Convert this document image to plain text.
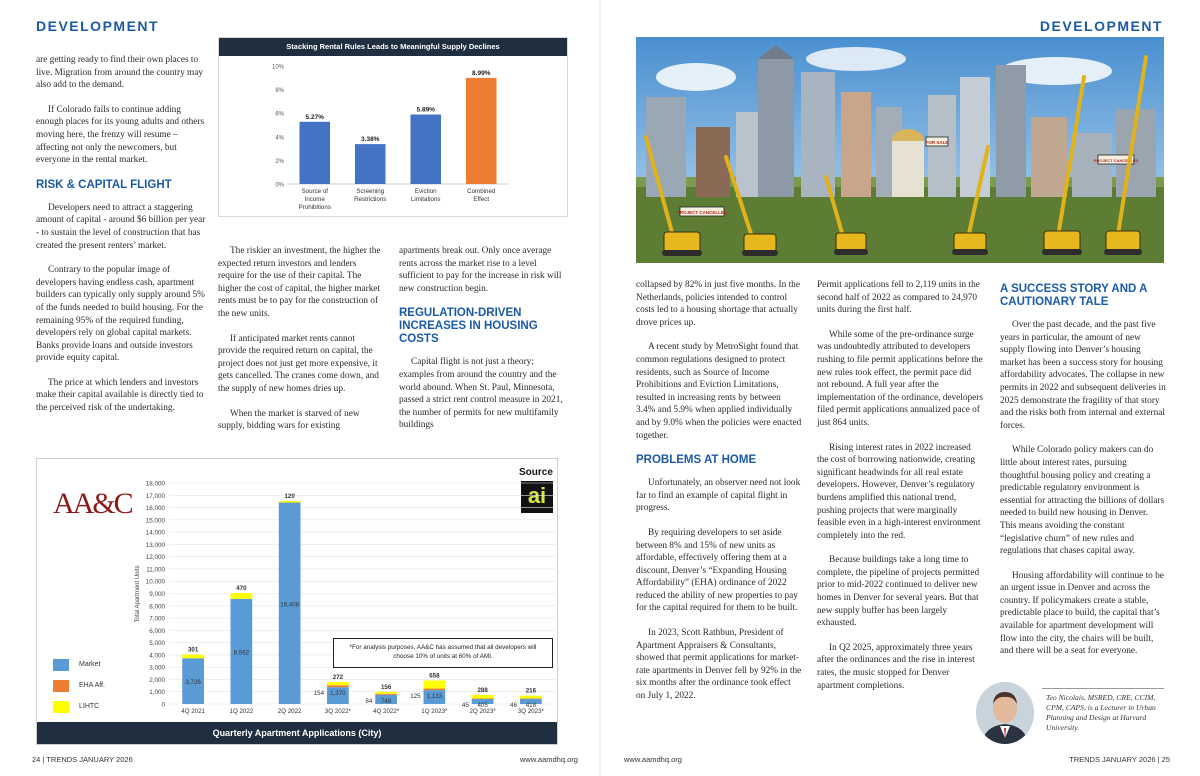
DEVELOPMENT	DEVELOPMENT

are getting ready to find their own places to live. Migration from around the country may also add to the demand.

If Colorado fails to continue adding enough places for its young adults and others moving here, the frenzy will resume – affecting not only the newcomers, but everyone in the rental market.

RISK & CAPITAL FLIGHT

Developers need to attract a staggering amount of capital - around $6 billion per year - to sustain the level of construction that has created the present renters’ market.

Contrary to the popular image of developers having endless cash, apartment builders can typically only supply around 5% of the funds needed to build housing. For the remaining 95% of the required funding, developers rely on global capital markets. Banks provide loans and outside investors provide equity capital.

The price at which lenders and investors make their capital available is directly tied to the perceived risk of the undertaking.

Stacking Rental Rules Leads to Meaningful Supply Declines
0%
2%
4%
6%
8%
10%
5.27%
Source of
Income
Prohibitions
3.38%
Screening
Restrictions
5.89%
Eviction
Limitations
8.99%
Combined
Effect

The riskier an investment, the higher the expected return investors and lenders require for the use of their capital. The higher the cost of capital, the higher market rents must be to pay for the construction of the new units.

If anticipated market rents cannot provide the required return on capital, the project does not just get more expensive, it gets cancelled. The cranes come down, and the supply of new homes dries up.

When the market is starved of new supply, bidding wars for existing

apartments break out. Only once average rents across the market rise to a level sufficient to pay for the increase in risk will new construction begin.

REGULATION-DRIVEN INCREASES IN HOUSING COSTS

Capital flight is not just a theory; examples from around the country and the world abound. When St. Paul, Minnesota, passed a strict rent control measure in 2021, the number of permits for new multifamily buildings

AA&C
Source
ai
0
1,000
2,000
3,000
4,000
5,000
6,000
7,000
8,000
9,000
10,000
11,000
12,000
13,000
14,000
15,000
16,000
17,000
18,000
Total Apartment Units
3,726
301
4Q 2021
8,562
470
1Q 2022
16,408
120
2Q 2022
1,370
154
272
3Q 2022*
749
84
156
4Q 2022*
1,133
125
658
1Q 2023*
405
45
288
2Q 2023*
418
46
216
3Q 2023*
*For analysis purposes, AA&C has assumed that all developers will choose 10% of units at 60% of AMI.
Market
EHA Aff.
LIHTC
Quarterly Apartment Applications (City)
PROJECT CANCELLED
FOR SALE
PROJECT CANCELLED

collapsed by 82% in just five months. In the Netherlands, policies intended to control costs led to a housing shortage that actually drove prices up.

A recent study by MetroSight found that common regulations designed to protect residents, such as Source of Income Prohibitions and Eviction Limitations, resulted in increasing rents by between 3.4% and 5.9% when applied individually and by 9.0% when the policies were enacted together.

PROBLEMS AT HOME

Unfortunately, an observer need not look far to find an example of capital flight in progress.

By requiring developers to set aside between 8% and 15% of new units as affordable, effectively offering them at a discount, Denver’s “Expanding Housing Affordability” (EHA) ordinance of 2022 reduced the ability of new properties to pay for the capital required for them to be built.

In 2023, Scott Rathbun, President of Apartment Appraisers & Consultants, showed that permit applications for market-rate apartments in Denver fell by 92% in the six months after the ordinance took effect on July 1, 2022.

Permit applications fell to 2,119 units in the second half of 2022 as compared to 24,970 units during the first half.

While some of the pre-ordinance surge was undoubtedly attributed to developers rushing to file permit applications before the new rules took effect, the permit pace did not rebound. A full year after the implementation of the ordinance, developers filed permit applications annualized pace of just 864 units.

Rising interest rates in 2022 increased the cost of borrowing nationwide, creating significant headwinds for all real estate developers. However, Denver’s regulatory burdens amplified this national trend, pushing projects that were marginally feasible even in a high-interest environment completely into the red.

Because buildings take a long time to complete, the pipeline of projects permitted prior to mid-2022 continued to deliver new homes in Denver for several years. But that new supply buffer has been largely exhausted.

In Q2 2025, approximately three years after the ordinances and the rise in interest rates, the music stopped for Denver apartment completions.

A SUCCESS STORY AND A CAUTIONARY TALE

Over the past decade, and the past five years in particular, the amount of new supply flowing into Denver’s housing market has been a success story for housing affordability advocates. The collapse in new permits in 2022 and subsequent deliveries in 2025 demonstrate the fragility of that story and the risks both from internal and external forces.

While Colorado policy makers can do little about interest rates, pursuing thoughtful housing policy and creating a predictable regulatory environment is essential for attracting the billions of dollars needed to build new housing in Denver. This means avoiding the constant “legislative churn” of new rules and regulations that chases capital away.

Housing affordability will continue to be an urgent issue in Denver and across the country. If policymakers create a stable, predictable place to build, the capital that’s available for apartment development will flow into the city, the chairs will be built, and there will be a seat for everyone.

Teo Nicolais, MSRED, CRE, CCIM, CPM, CAPS, is a Lecturer in Urban Planning and Design at Harvard University.
24 | TRENDS JANUARY 2026	www.aamdhq.org	www.aamdhq.org	TRENDS JANUARY 2026 | 25
